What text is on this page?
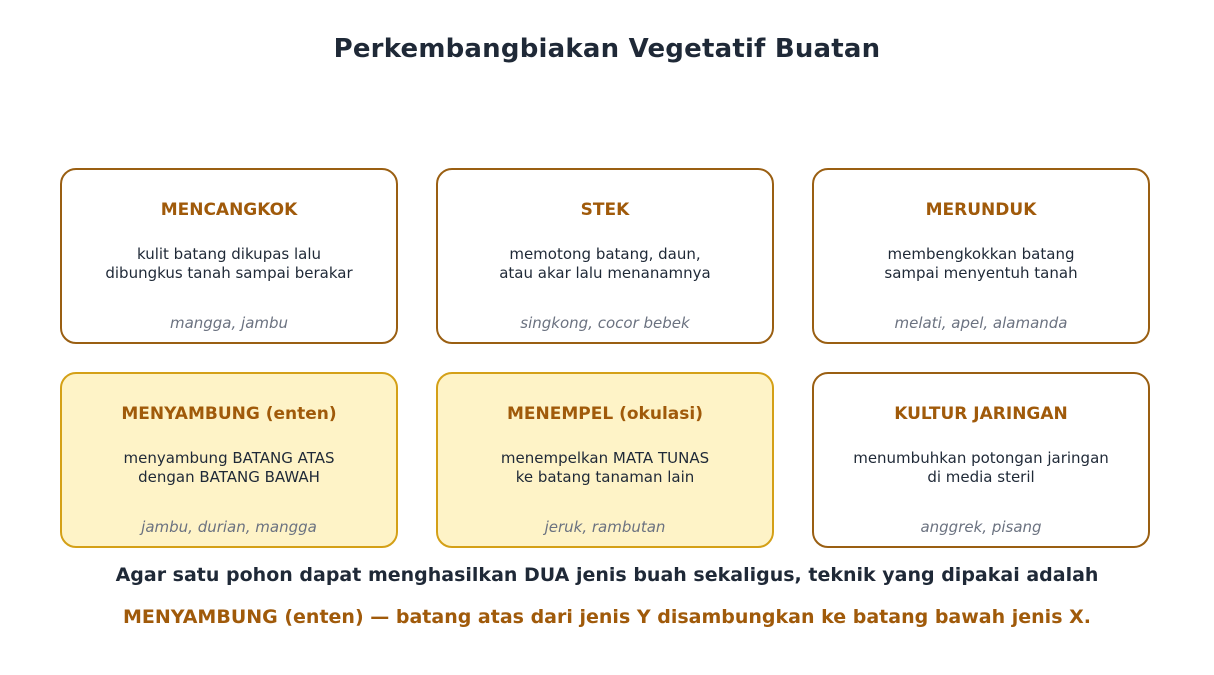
Perkembangbiakan Vegetatif Buatan
MENCANGKOK
kulit batang dikupas lalu
dibungkus tanah sampai berakar
mangga, jambu
STEK
memotong batang, daun,
atau akar lalu menanamnya
singkong, cocor bebek
MERUNDUK
membengkokkan batang
sampai menyentuh tanah
melati, apel, alamanda
MENYAMBUNG (enten)
menyambung BATANG ATAS
dengan BATANG BAWAH
jambu, durian, mangga
MENEMPEL (okulasi)
menempelkan MATA TUNAS
ke batang tanaman lain
jeruk, rambutan
KULTUR JARINGAN
menumbuhkan potongan jaringan
di media steril
anggrek, pisang
Agar satu pohon dapat menghasilkan DUA jenis buah sekaligus, teknik yang dipakai adalah
MENYAMBUNG (enten) — batang atas dari jenis Y disambungkan ke batang bawah jenis X.
